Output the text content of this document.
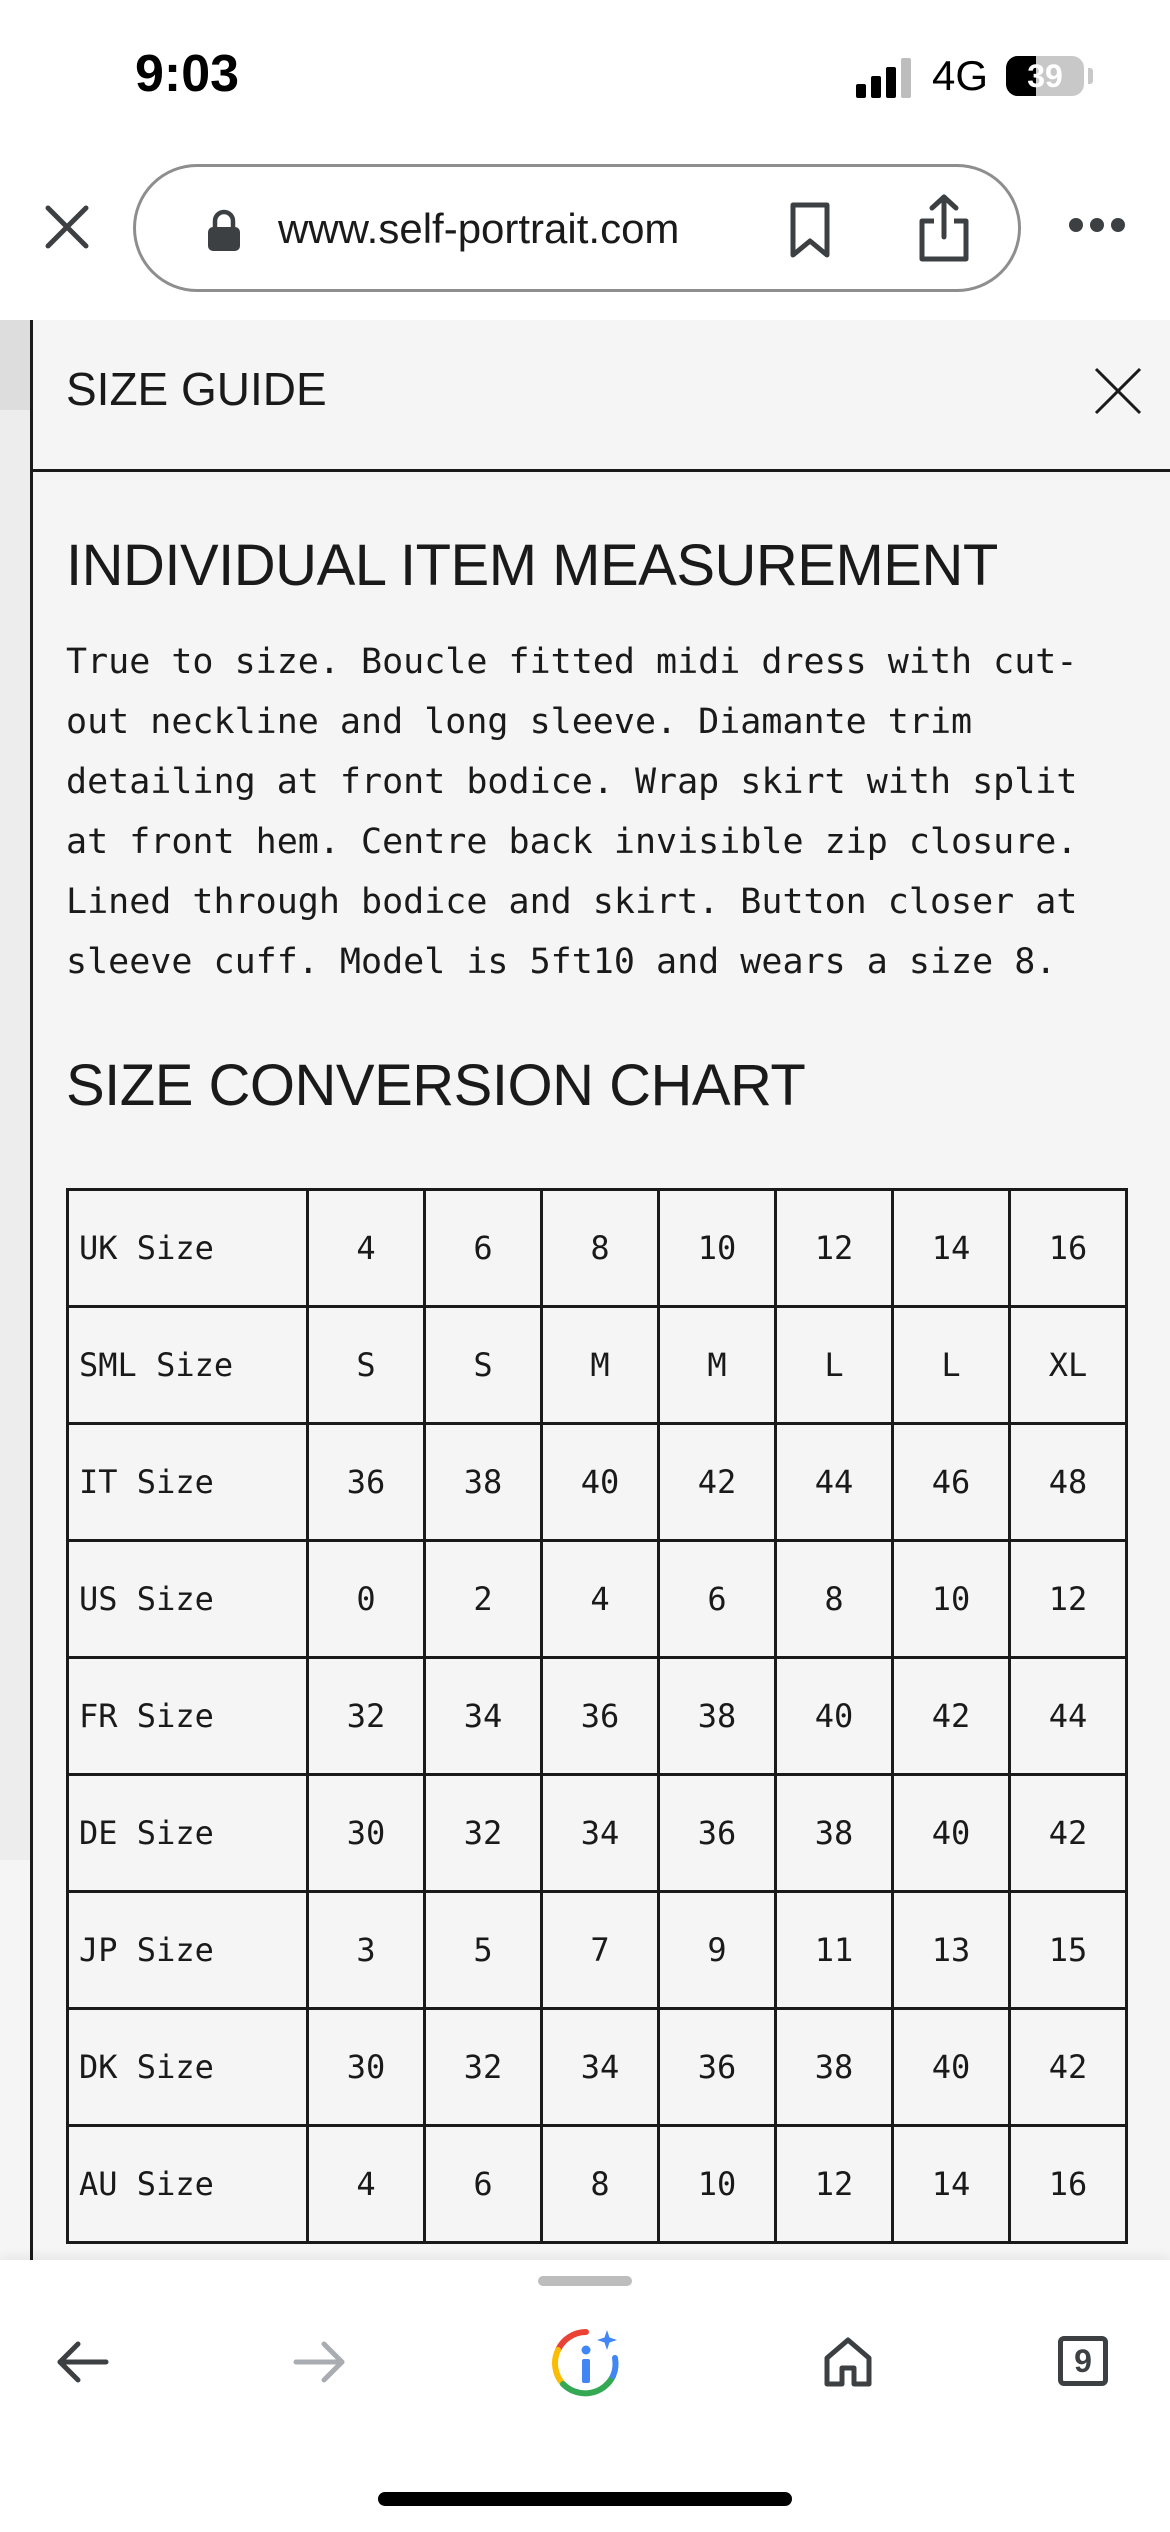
9:03	4G	39
www.self-portrait.com
SIZE GUIDE
INDIVIDUAL ITEM MEASUREMENT

True to size. Boucle fitted midi dress with cut-
out neckline and long sleeve. Diamante trim
detailing at front bodice. Wrap skirt with split
at front hem. Centre back invisible zip closure.
Lined through bodice and skirt. Button closer at
sleeve cuff. Model is 5ft10 and wears a size 8.

SIZE CONVERSION CHART
UK Size	4	6	8	10	12	14	16
SML Size	S	S	M	M	L	L	XL
IT Size	36	38	40	42	44	46	48
US Size	0	2	4	6	8	10	12
FR Size	32	34	36	38	40	42	44
DE Size	30	32	34	36	38	40	42
JP Size	3	5	7	9	11	13	15
DK Size	30	32	34	36	38	40	42
AU Size	4	6	8	10	12	14	16
9
